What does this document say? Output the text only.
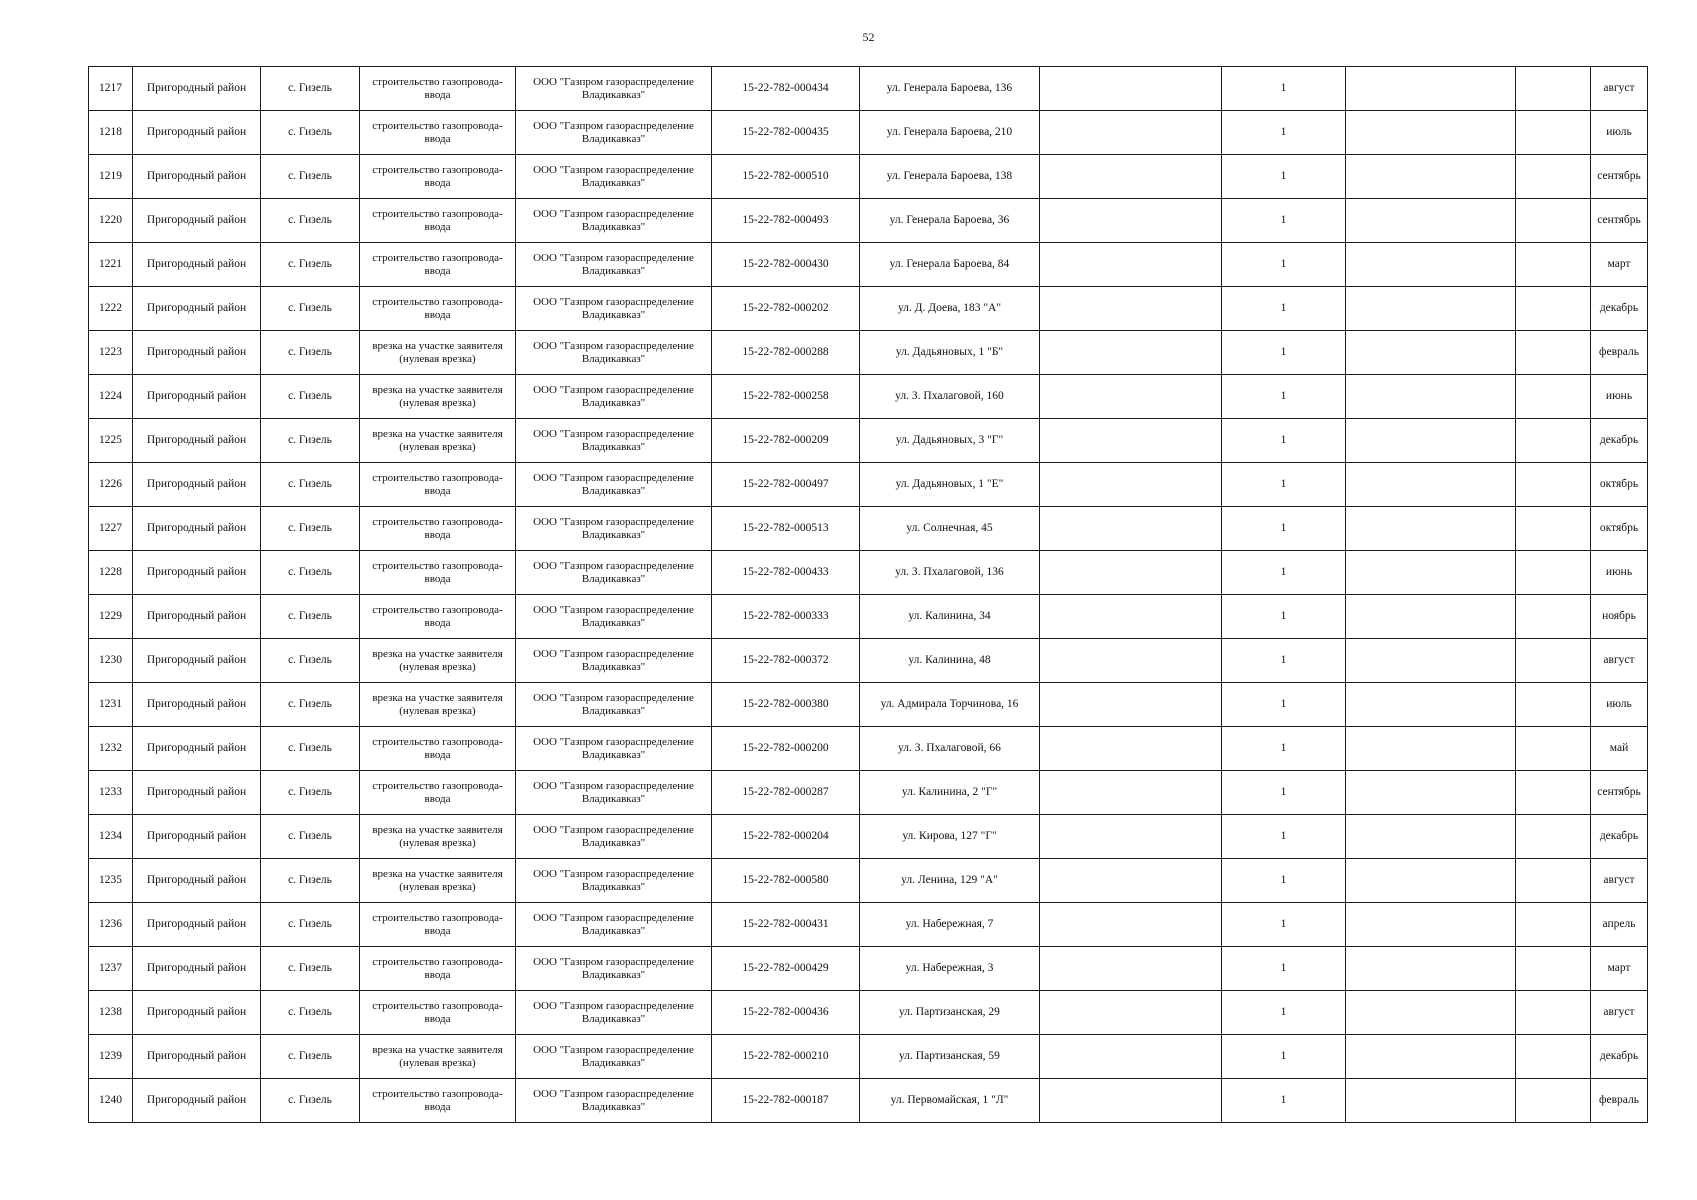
52
1217	Пригородный район	с. Гизель	строительство газопровода-ввода	ООО "Газпром газораспределение Владикавказ"	15-22-782-000434	ул. Генерала Бароева, 136		1			август	
1218	Пригородный район	с. Гизель	строительство газопровода-ввода	ООО "Газпром газораспределение Владикавказ"	15-22-782-000435	ул. Генерала Бароева, 210		1			июль	
1219	Пригородный район	с. Гизель	строительство газопровода-ввода	ООО "Газпром газораспределение Владикавказ"	15-22-782-000510	ул. Генерала Бароева, 138		1			сентябрь	
1220	Пригородный район	с. Гизель	строительство газопровода-ввода	ООО "Газпром газораспределение Владикавказ"	15-22-782-000493	ул. Генерала Бароева, 36		1			сентябрь	
1221	Пригородный район	с. Гизель	строительство газопровода-ввода	ООО "Газпром газораспределение Владикавказ"	15-22-782-000430	ул. Генерала Бароева, 84		1			март	
1222	Пригородный район	с. Гизель	строительство газопровода-ввода	ООО "Газпром газораспределение Владикавказ"	15-22-782-000202	ул. Д. Доева, 183 "А"		1			декабрь	
1223	Пригородный район	с. Гизель	врезка на участке заявителя (нулевая врезка)	ООО "Газпром газораспределение Владикавказ"	15-22-782-000288	ул. Дадьяновых, 1 "Б"		1			февраль	
1224	Пригородный район	с. Гизель	врезка на участке заявителя (нулевая врезка)	ООО "Газпром газораспределение Владикавказ"	15-22-782-000258	ул. З. Пхалаговой, 160		1			июнь	
1225	Пригородный район	с. Гизель	врезка на участке заявителя (нулевая врезка)	ООО "Газпром газораспределение Владикавказ"	15-22-782-000209	ул. Дадьяновых, 3 "Г"		1			декабрь	
1226	Пригородный район	с. Гизель	строительство газопровода-ввода	ООО "Газпром газораспределение Владикавказ"	15-22-782-000497	ул. Дадьяновых, 1 "Е"		1			октябрь	
1227	Пригородный район	с. Гизель	строительство газопровода-ввода	ООО "Газпром газораспределение Владикавказ"	15-22-782-000513	ул. Солнечная, 45		1			октябрь	
1228	Пригородный район	с. Гизель	строительство газопровода-ввода	ООО "Газпром газораспределение Владикавказ"	15-22-782-000433	ул. З. Пхалаговой, 136		1			июнь	
1229	Пригородный район	с. Гизель	строительство газопровода-ввода	ООО "Газпром газораспределение Владикавказ"	15-22-782-000333	ул. Калинина, 34		1			ноябрь	
1230	Пригородный район	с. Гизель	врезка на участке заявителя (нулевая врезка)	ООО "Газпром газораспределение Владикавказ"	15-22-782-000372	ул. Калинина, 48		1			август	
1231	Пригородный район	с. Гизель	врезка на участке заявителя (нулевая врезка)	ООО "Газпром газораспределение Владикавказ"	15-22-782-000380	ул. Адмирала Торчинова, 16		1			июль	
1232	Пригородный район	с. Гизель	строительство газопровода-ввода	ООО "Газпром газораспределение Владикавказ"	15-22-782-000200	ул. З. Пхалаговой, 66		1			май	
1233	Пригородный район	с. Гизель	строительство газопровода-ввода	ООО "Газпром газораспределение Владикавказ"	15-22-782-000287	ул. Калинина, 2 "Г"		1			сентябрь	
1234	Пригородный район	с. Гизель	врезка на участке заявителя (нулевая врезка)	ООО "Газпром газораспределение Владикавказ"	15-22-782-000204	ул. Кирова, 127 "Г"		1			декабрь	
1235	Пригородный район	с. Гизель	врезка на участке заявителя (нулевая врезка)	ООО "Газпром газораспределение Владикавказ"	15-22-782-000580	ул. Ленина, 129 "А"		1			август	
1236	Пригородный район	с. Гизель	строительство газопровода-ввода	ООО "Газпром газораспределение Владикавказ"	15-22-782-000431	ул. Набережная, 7		1			апрель	
1237	Пригородный район	с. Гизель	строительство газопровода-ввода	ООО "Газпром газораспределение Владикавказ"	15-22-782-000429	ул. Набережная, 3		1			март	
1238	Пригородный район	с. Гизель	строительство газопровода-ввода	ООО "Газпром газораспределение Владикавказ"	15-22-782-000436	ул. Партизанская, 29		1			август	
1239	Пригородный район	с. Гизель	врезка на участке заявителя (нулевая врезка)	ООО "Газпром газораспределение Владикавказ"	15-22-782-000210	ул. Партизанская, 59		1			декабрь	
1240	Пригородный район	с. Гизель	строительство газопровода-ввода	ООО "Газпром газораспределение Владикавказ"	15-22-782-000187	ул. Первомайская, 1 "Л"		1			февраль	
